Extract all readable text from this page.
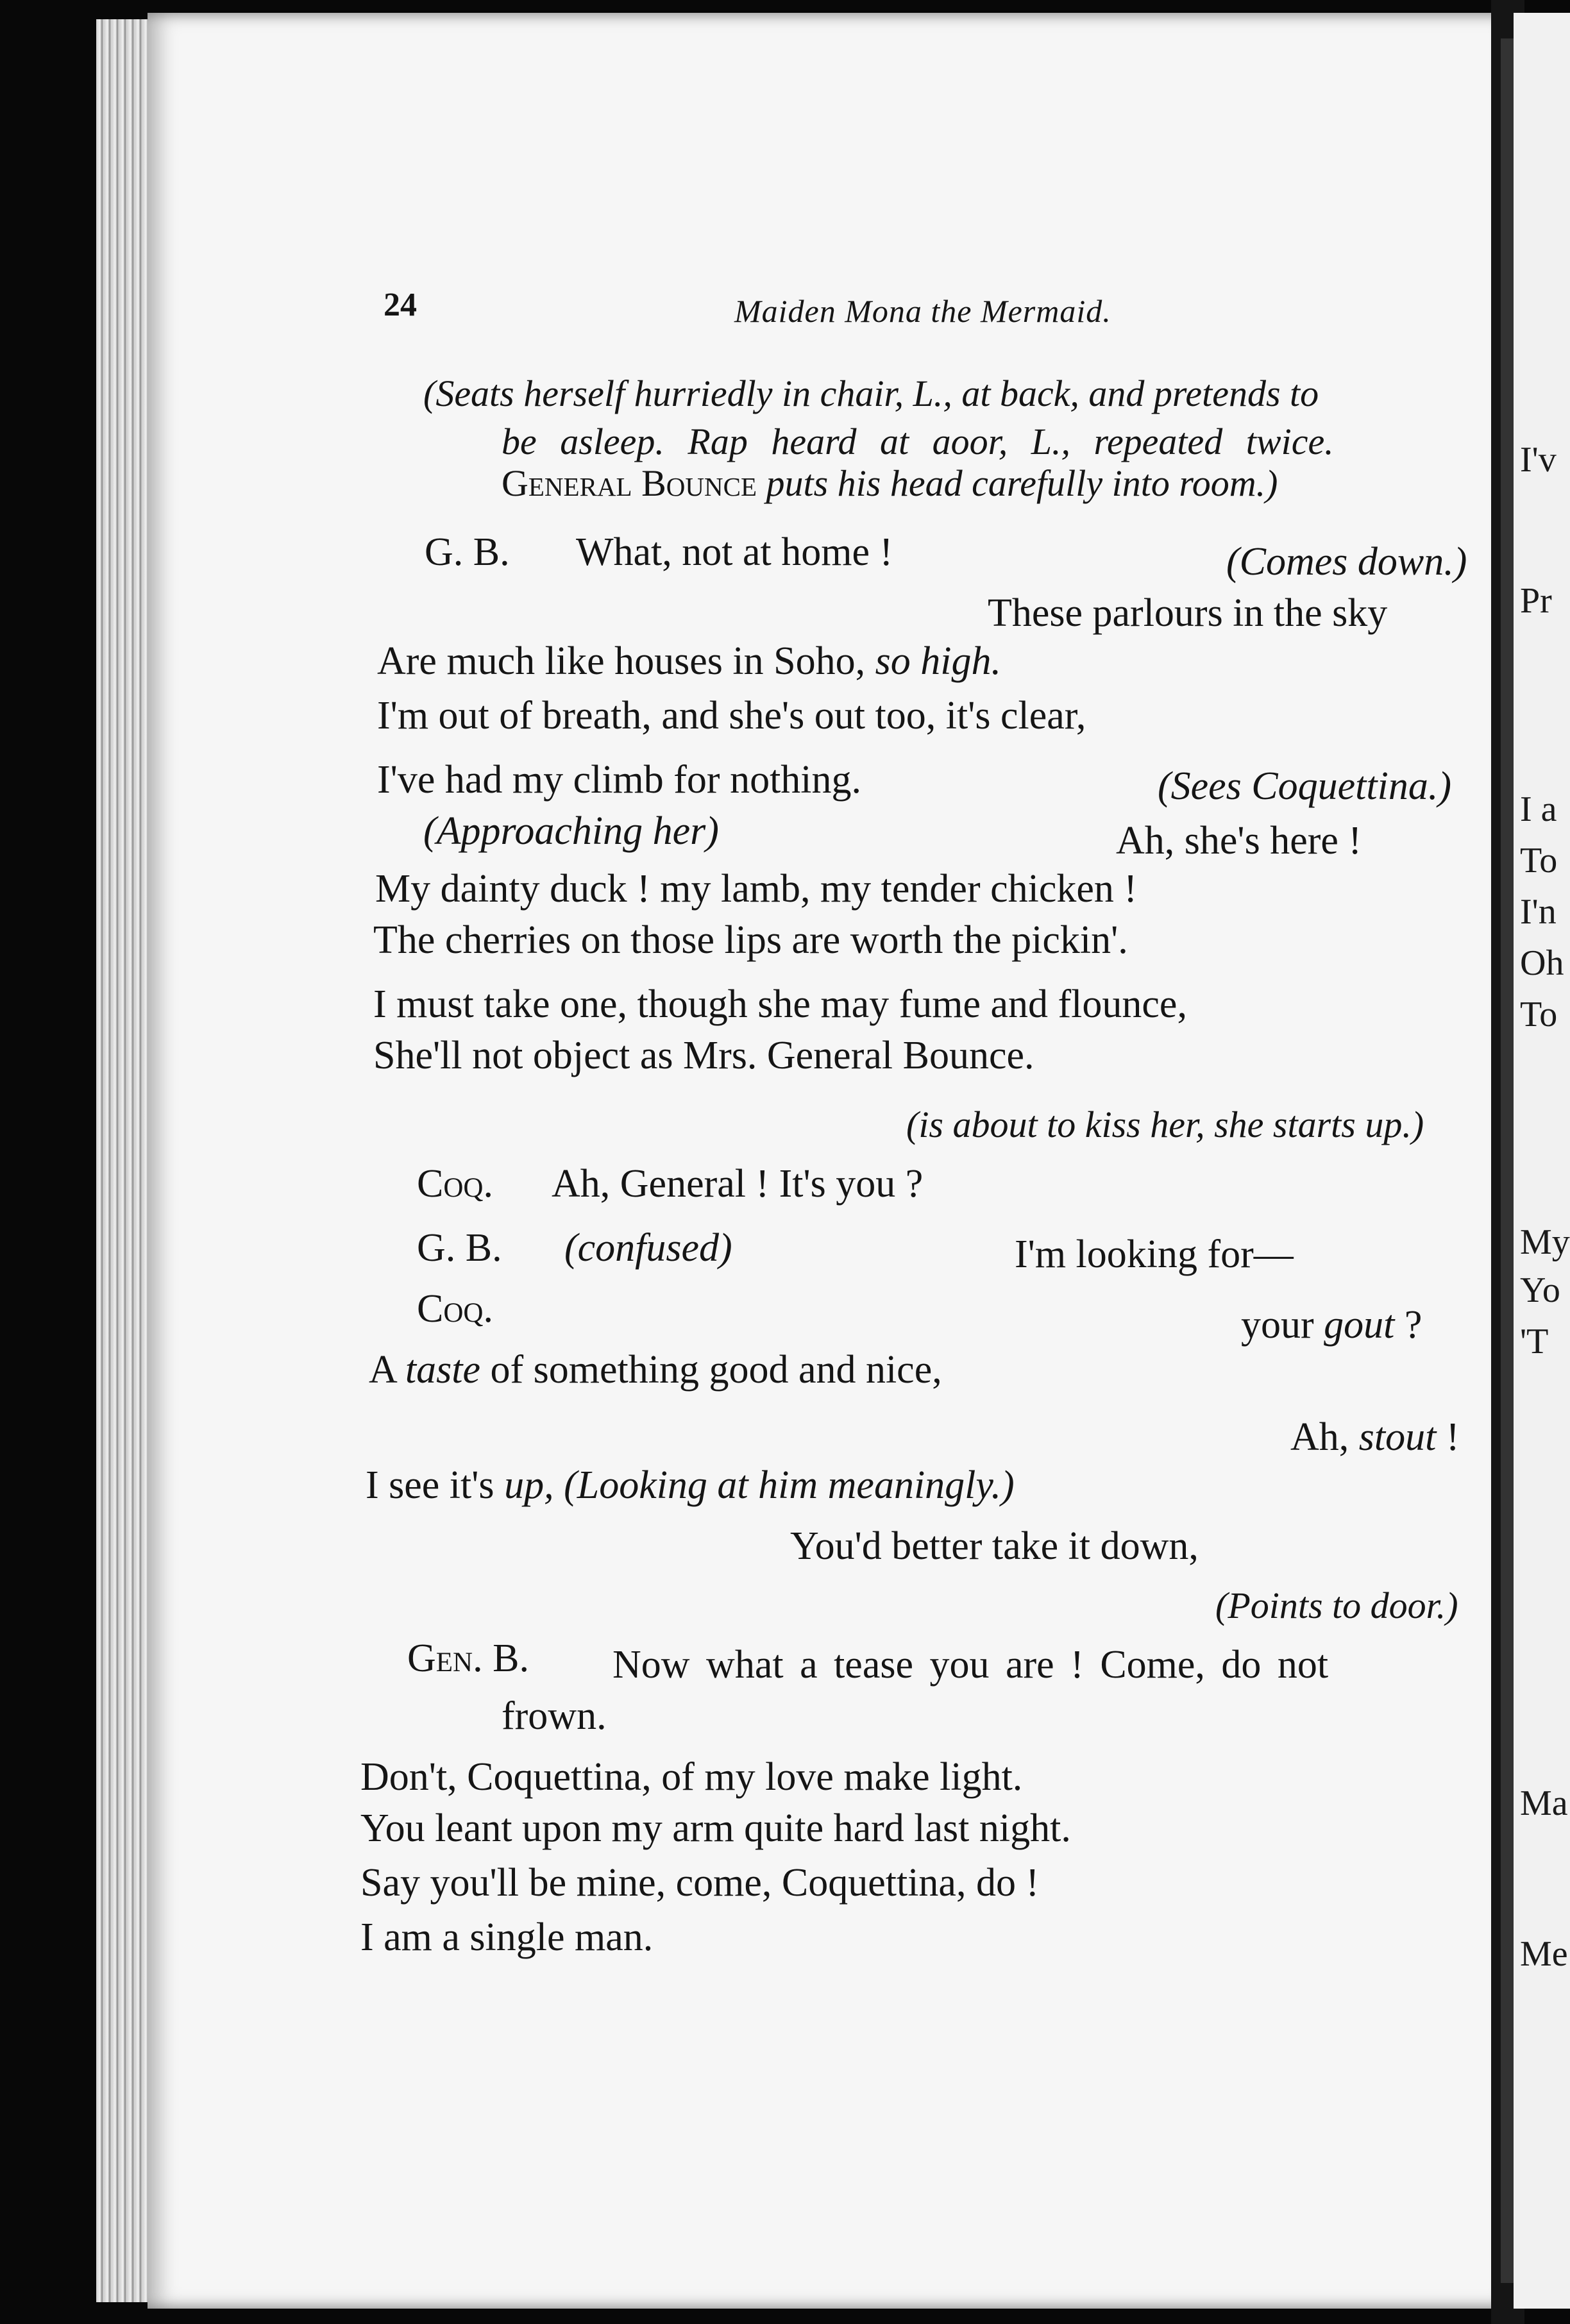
I'v
Pr
I a
To
I'n
Oh
To
My
Yo
'T
Ma
Me
24	Maiden Mona the Mermaid.
(Seats herself hurriedly in chair, L., at back, and pretends to
be asleep. Rap heard at aoor, L., repeated twice.
General Bounce puts his head carefully into room.)
G. B. What, not at home !	(Comes down.)
These parlours in the sky
Are much like houses in Soho, so high.
I'm out of breath, and she's out too, it's clear,
I've had my climb for nothing.	(Sees Coquettina.)
(Approaching her)	Ah, she's here !
My dainty duck ! my lamb, my tender chicken !
The cherries on those lips are worth the pickin'.
I must take one, though she may fume and flounce,
She'll not object as Mrs. General Bounce.
(is about to kiss her, she starts up.)
Coq. Ah, General ! It's you ?
G. B. (confused)	I'm looking for—
Coq.	your gout ?
A taste of something good and nice,
Ah, stout !
I see it's up, (Looking at him meaningly.)
You'd better take it down,
(Points to door.)
Gen. B. Now what a tease you are ! Come, do not
frown.
Don't, Coquettina, of my love make light.
You leant upon my arm quite hard last night.
Say you'll be mine, come, Coquettina, do !
I am a single man.
